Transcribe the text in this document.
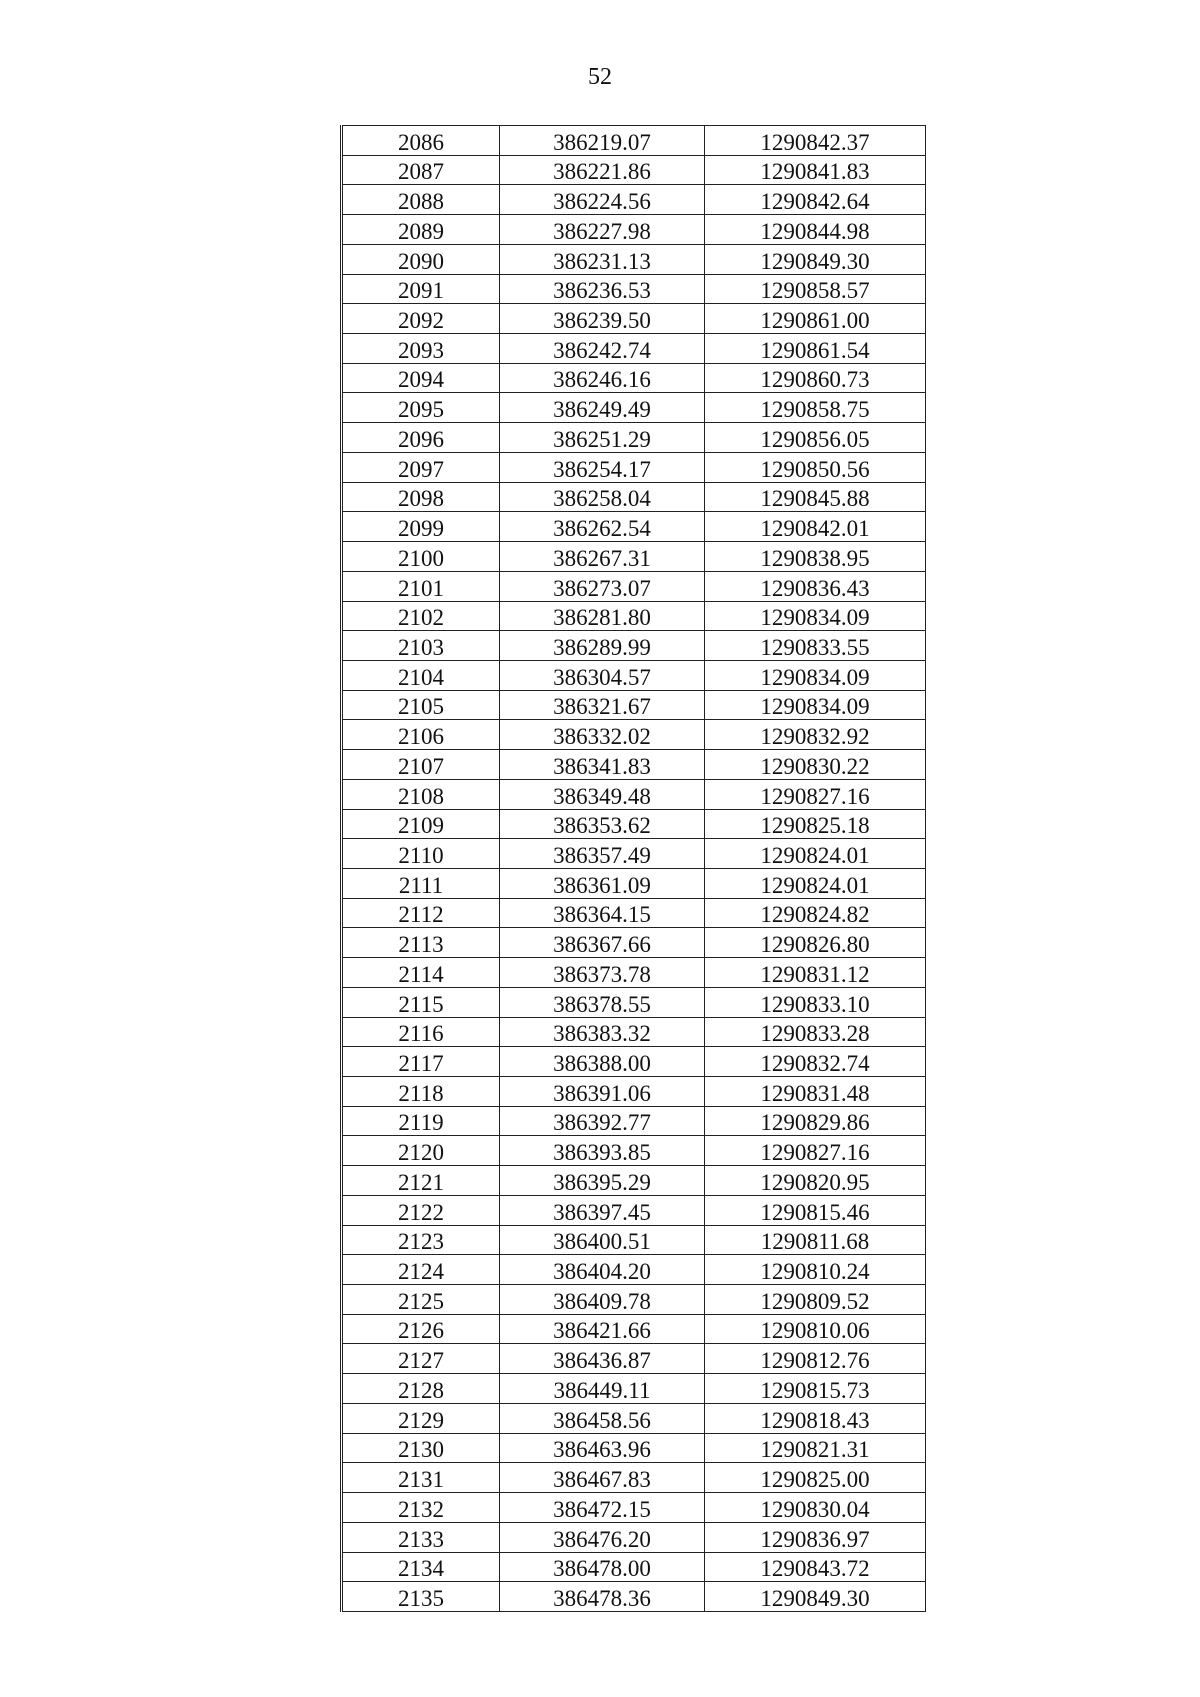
52
2086	386219.07	1290842.37
2087	386221.86	1290841.83
2088	386224.56	1290842.64
2089	386227.98	1290844.98
2090	386231.13	1290849.30
2091	386236.53	1290858.57
2092	386239.50	1290861.00
2093	386242.74	1290861.54
2094	386246.16	1290860.73
2095	386249.49	1290858.75
2096	386251.29	1290856.05
2097	386254.17	1290850.56
2098	386258.04	1290845.88
2099	386262.54	1290842.01
2100	386267.31	1290838.95
2101	386273.07	1290836.43
2102	386281.80	1290834.09
2103	386289.99	1290833.55
2104	386304.57	1290834.09
2105	386321.67	1290834.09
2106	386332.02	1290832.92
2107	386341.83	1290830.22
2108	386349.48	1290827.16
2109	386353.62	1290825.18
2110	386357.49	1290824.01
2111	386361.09	1290824.01
2112	386364.15	1290824.82
2113	386367.66	1290826.80
2114	386373.78	1290831.12
2115	386378.55	1290833.10
2116	386383.32	1290833.28
2117	386388.00	1290832.74
2118	386391.06	1290831.48
2119	386392.77	1290829.86
2120	386393.85	1290827.16
2121	386395.29	1290820.95
2122	386397.45	1290815.46
2123	386400.51	1290811.68
2124	386404.20	1290810.24
2125	386409.78	1290809.52
2126	386421.66	1290810.06
2127	386436.87	1290812.76
2128	386449.11	1290815.73
2129	386458.56	1290818.43
2130	386463.96	1290821.31
2131	386467.83	1290825.00
2132	386472.15	1290830.04
2133	386476.20	1290836.97
2134	386478.00	1290843.72
2135	386478.36	1290849.30
